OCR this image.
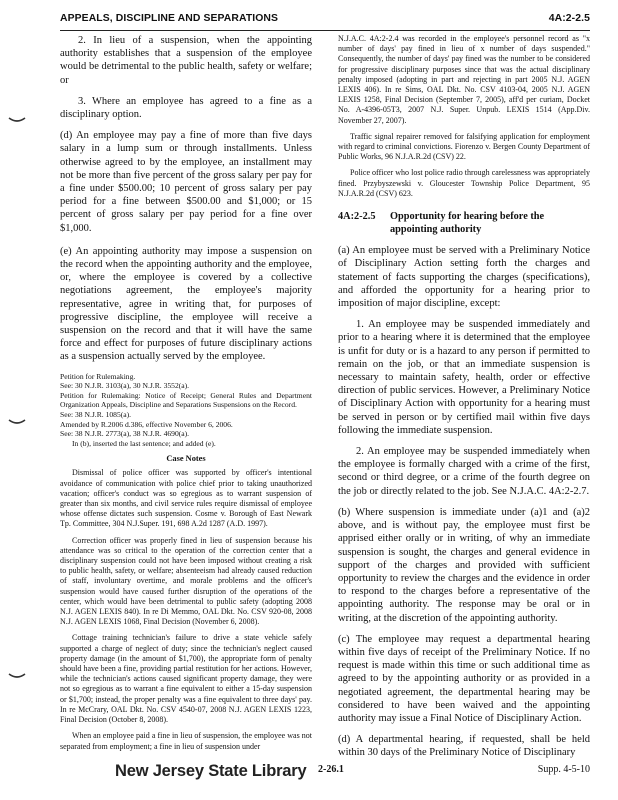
APPEALS, DISCIPLINE AND SEPARATIONS	4A:2-2.5

2. In lieu of a suspension, when the appointing authority establishes that a suspension of the employee would be detrimental to the public health, safety or welfare; or

3. Where an employee has agreed to a fine as a disciplinary option.

(d) An employee may pay a fine of more than five days salary in a lump sum or through installments. Unless otherwise agreed to by the employee, an installment may not be more than five percent of the gross salary per pay for a fine under $500.00; 10 percent of gross salary per pay period for a fine between $500.00 and $1,000; or 15 percent of gross salary per pay period for a fine over $1,000.

(e) An appointing authority may impose a suspension on the record when the appointing authority and the employee, or, where the employee is covered by a collective negotiations agreement, the employee's majority representative, agree in writing that, for purposes of progressive discipline, the employee will receive a suspension on the record and that it will have the same force and effect for purposes of future disciplinary actions as a suspension actually served by the employee.

Petition for Rulemaking.

See: 30 N.J.R. 3103(a), 30 N.J.R. 3552(a).

Petition for Rulemaking: Notice of Receipt; General Rules and Department Organization Appeals, Discipline and Separations Suspensions on the Record.

See: 38 N.J.R. 1085(a).

Amended by R.2006 d.386, effective November 6, 2006.

See: 38 N.J.R. 2773(a), 38 N.J.R. 4690(a).

In (b), inserted the last sentence; and added (e).

Case Notes

Dismissal of police officer was supported by officer's intentional avoidance of communication with police chief prior to taking unauthorized vacation; officer's conduct was so egregious as to warrant suspension of greater than six months, and civil service rules require dismissal of employee whose offense dictates such suspension. Cosme v. Borough of East Newark Tp. Committee, 304 N.J.Super. 191, 698 A.2d 1287 (A.D. 1997).

Correction officer was properly fined in lieu of suspension because his attendance was so critical to the operation of the correction center that a disciplinary suspension could not have been imposed without creating a risk to public health, safety, or welfare; absenteeism had already caused reduction of staff, involuntary overtime, and morale problems and the officer's suspension would have caused further disruption of the operations of the center, which would have been detrimental to public safety (adopting 2008 N.J. AGEN LEXIS 840). In re Di Memmo, OAL Dkt. No. CSV 920-08, 2008 N.J. AGEN LEXIS 1068, Final Decision (November 6, 2008).

Cottage training technician's failure to drive a state vehicle safely supported a charge of neglect of duty; since the technician's neglect caused property damage (in the amount of $1,700), the appropriate form of penalty should have been a fine, providing partial restitution for her actions. However, while the technician's actions caused significant property damage, they were not so egregious as to warrant a fine equivalent to either a 15-day suspension or $1,700; instead, the proper penalty was a fine equivalent to three days' pay. In re McCrary, OAL Dkt. No. CSV 4540-07, 2008 N.J. AGEN LEXIS 1223, Final Decision (October 8, 2008).

When an employee paid a fine in lieu of suspension, the employee was not separated from employment; a fine in lieu of suspension under

N.J.A.C. 4A:2-2.4 was recorded in the employee's personnel record as "x number of days' pay fined in lieu of x number of days suspended." Consequently, the number of days' pay fined was the number to be considered for progressive disciplinary purposes since that was the actual disciplinary penalty imposed (adopting in part and rejecting in part 2005 N.J. AGEN LEXIS 406). In re Sims, OAL Dkt. No. CSV 4103-04, 2005 N.J. AGEN LEXIS 1258, Final Decision (September 7, 2005), aff'd per curiam, Docket No. A-4396-05T3, 2007 N.J. Super. Unpub. LEXIS 1514 (App.Div. November 27, 2007).

Traffic signal repairer removed for falsifying application for employment with regard to criminal convictions. Fiorenzo v. Bergen County Department of Public Works, 96 N.J.A.R.2d (CSV) 22.

Police officer who lost police radio through carelessness was appropriately fined. Przybyszewski v. Gloucester Township Police Department, 95 N.J.A.R.2d (CSV) 623.

4A:2-2.5	Opportunity for hearing before the appointing authority

(a) An employee must be served with a Preliminary Notice of Disciplinary Action setting forth the charges and statement of facts supporting the charges (specifications), and afforded the opportunity for a hearing prior to imposition of major discipline, except:

1. An employee may be suspended immediately and prior to a hearing where it is determined that the employee is unfit for duty or is a hazard to any person if permitted to remain on the job, or that an immediate suspension is necessary to maintain safety, health, order or effective direction of public services. However, a Preliminary Notice of Disciplinary Action with opportunity for a hearing must be served in person or by certified mail within five days following the immediate suspension.

2. An employee may be suspended immediately when the employee is formally charged with a crime of the first, second or third degree, or a crime of the fourth degree on the job or directly related to the job. See N.J.A.C. 4A:2-2.7.

(b) Where suspension is immediate under (a)1 and (a)2 above, and is without pay, the employee must first be apprised either orally or in writing, of why an immediate suspension is sought, the charges and general evidence in support of the charges and provided with sufficient opportunity to review the charges and the evidence in order to respond to the charges before a representative of the appointing authority. The response may be oral or in writing, at the discretion of the appointing authority.

(c) The employee may request a departmental hearing within five days of receipt of the Preliminary Notice. If no request is made within this time or such additional time as agreed to by the appointing authority or as provided in a negotiated agreement, the departmental hearing may be considered to have been waived and the appointing authority may issue a Final Notice of Disciplinary Action.

(d) A departmental hearing, if requested, shall be held within 30 days of the Preliminary Notice of Disciplinary

New Jersey State Library 2-26.1	Supp. 4-5-10
